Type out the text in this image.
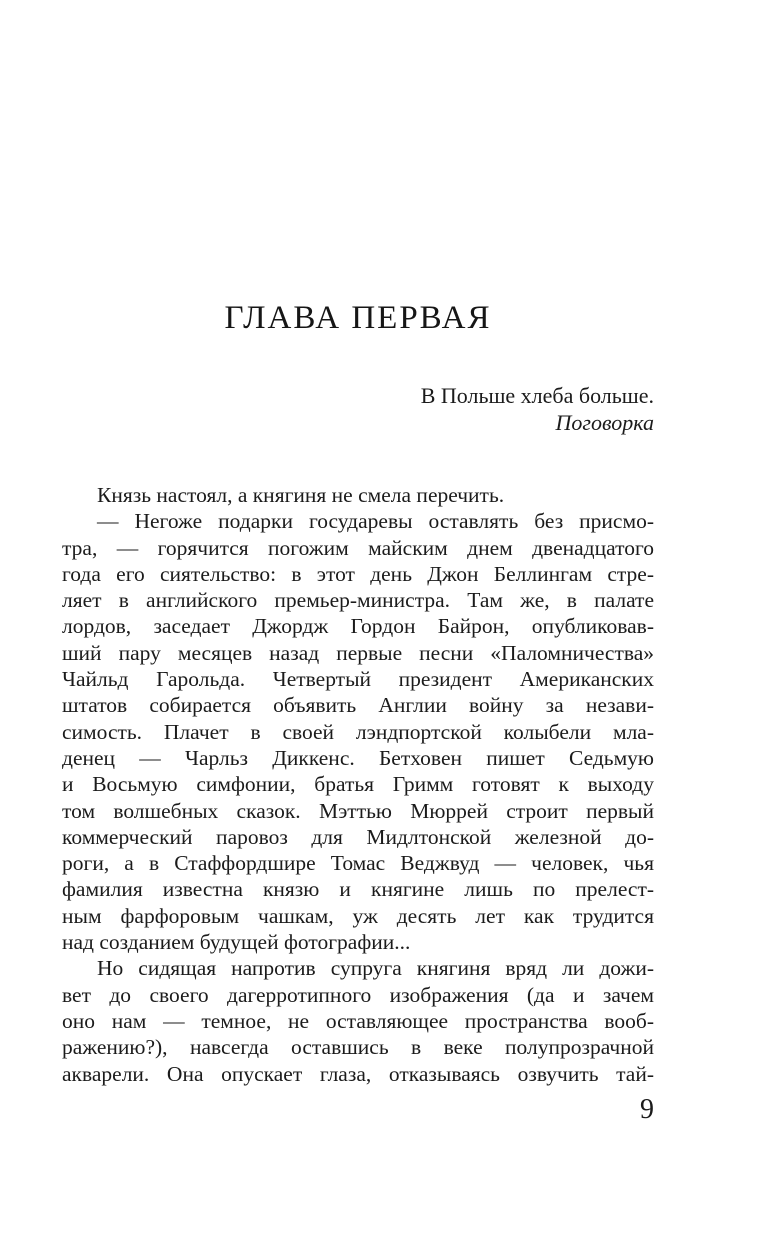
ГЛАВА ПЕРВАЯ
В Польше хлеба больше.
Поговорка
Князь настоял, а княгиня не смела перечить.
— Негоже подарки государевы оставлять без присмо-
тра, — горячится погожим майским днем двенадцатого
года его сиятельство: в этот день Джон Беллингам стре-
ляет в английского премьер-министра. Там же, в палате
лордов, заседает Джордж Гордон Байрон, опубликовав-
ший пару месяцев назад первые песни «Паломничества»
Чайльд Гарольда. Четвертый президент Американских
штатов собирается объявить Англии войну за незави-
симость. Плачет в своей лэндпортской колыбели мла-
денец — Чарльз Диккенс. Бетховен пишет Седьмую
и Восьмую симфонии, братья Гримм готовят к выходу
том волшебных сказок. Мэттью Мюррей строит первый
коммерческий паровоз для Мидлтонской железной до-
роги, а в Стаффордшире Томас Веджвуд — человек, чья
фамилия известна князю и княгине лишь по прелест-
ным фарфоровым чашкам, уж десять лет как трудится
над созданием будущей фотографии...
Но сидящая напротив супруга княгиня вряд ли дожи-
вет до своего дагерротипного изображения (да и зачем
оно нам — темное, не оставляющее пространства вооб-
ражению?), навсегда оставшись в веке полупрозрачной
акварели. Она опускает глаза, отказываясь озвучить тай-
9
